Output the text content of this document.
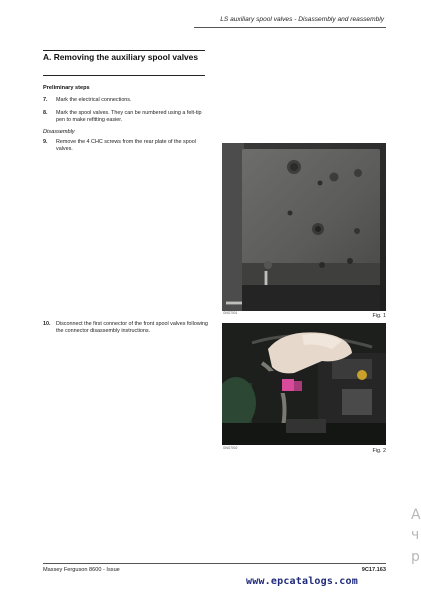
LS auxiliary spool valves - Disassembly and reassembly
A. Removing the auxiliary spool valves
Preliminary steps
7. Mark the electrical connections.
8. Mark the spool valves. They can be numbered using a felt-tip pen to make refitting easier.
Disassembly
9. Remove the 4 CHC screws from the rear plate of the spool valves.
10. Disconnect the first connector of the front spool valves following the connector disassembly instructions.
GNO7001	Fig. 1
GNO7002	Fig. 2
А
ч
р
Massey Ferguson 8600 - Issue	9C17.163
www.epcatalogs.com
